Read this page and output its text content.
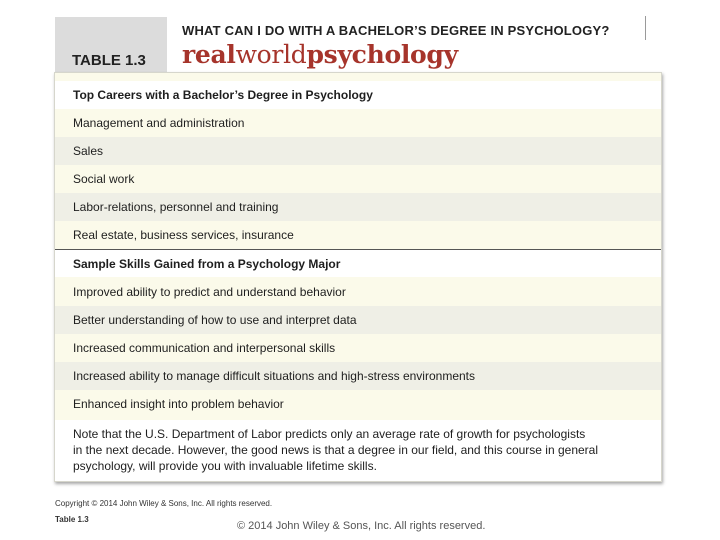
TABLE 1.3
WHAT CAN I DO WITH A BACHELOR’S DEGREE IN PSYCHOLOGY?
realworldpsychology
Top Careers with a Bachelor’s Degree in Psychology
Management and administration
Sales
Social work
Labor-relations, personnel and training
Real estate, business services, insurance
Sample Skills Gained from a Psychology Major
Improved ability to predict and understand behavior
Better understanding of how to use and interpret data
Increased communication and interpersonal skills
Increased ability to manage difficult situations and high-stress environments
Enhanced insight into problem behavior
Note that the U.S. Department of Labor predicts only an average rate of growth for psychologists
in the next decade. However, the good news is that a degree in our field, and this course in general
psychology, will provide you with invaluable lifetime skills.
Copyright © 2014 John Wiley & Sons, Inc. All rights reserved.
Table 1.3
© 2014 John Wiley & Sons, Inc. All rights reserved.
